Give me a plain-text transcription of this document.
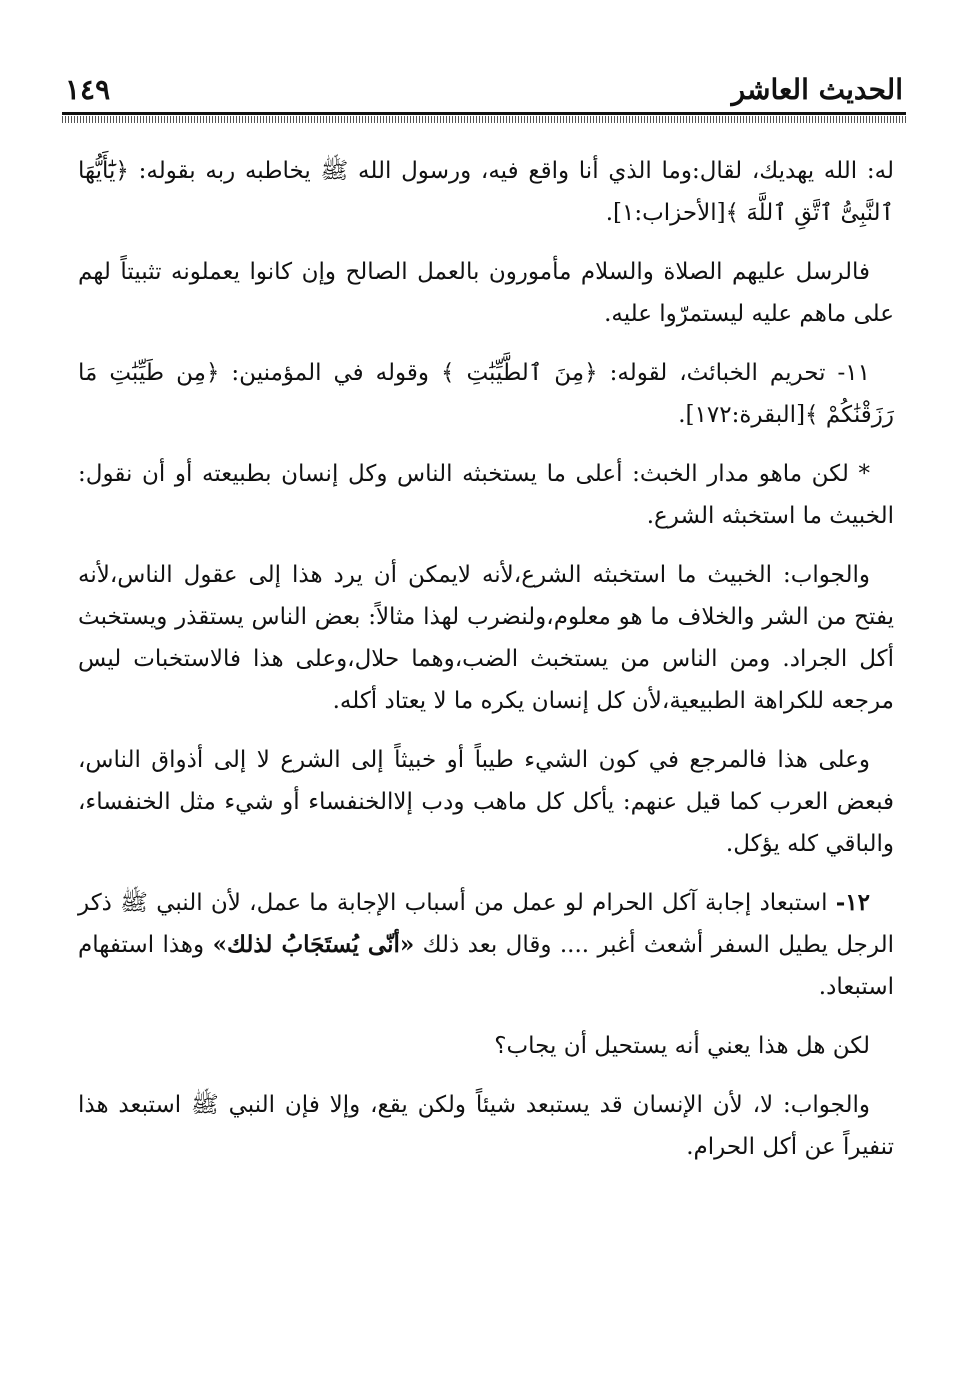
الحديث العاشر
١٤٩

له: الله يهديك، لقال:وما الذي أنا واقع فيه، ورسول الله ﷺ يخاطبه ربه بقوله: ﴿يَٰٓأَيُّهَا ٱلنَّبِىُّ ٱتَّقِ ٱللَّهَ ﴾[الأحزاب:١].

فالرسل عليهم الصلاة والسلام مأمورون بالعمل الصالح وإن كانوا يعملونه تثبيتاً لهم على ماهم عليه ليستمرّوا عليه.

١١- تحريم الخبائث، لقوله: ﴿مِنَ ٱلطَّيِّبَٰتِ ﴾ وقوله في المؤمنين: ﴿مِن طَيِّبَٰتِ مَا رَزَقْنَٰكُمْ ﴾[البقرة:١٧٢].

* لكن ماهو مدار الخبث: أعلى ما يستخبثه الناس وكل إنسان بطبيعته أو أن نقول: الخبيث ما استخبثه الشرع.

والجواب: الخبيث ما استخبثه الشرع،لأنه لايمكن أن يرد هذا إلى عقول الناس،لأنه يفتح من الشر والخلاف ما هو معلوم،ولنضرب لهذا مثالاً: بعض الناس يستقذر ويستخبث أكل الجراد. ومن الناس من يستخبث الضب،وهما حلال،وعلى هذا فالاستخبات ليس مرجعه للكراهة الطبيعية،لأن كل إنسان يكره ما لا يعتاد أكله.

وعلى هذا فالمرجع في كون الشيء طيباً أو خبيثاً إلى الشرع لا إلى أذواق الناس، فبعض العرب كما قيل عنهم: يأكل كل ماهب ودب إلاالخنفساء أو شيء مثل الخنفساء، والباقي كله يؤكل.

١٢- استبعاد إجابة آكل الحرام لو عمل من أسباب الإجابة ما عمل، لأن النبي ﷺ ذكر الرجل يطيل السفر أشعث أغبر .... وقال بعد ذلك «أنّى يُستَجَابُ لذلك» وهذا استفهام استبعاد.

لكن هل هذا يعني أنه يستحيل أن يجاب؟

والجواب: لا، لأن الإنسان قد يستبعد شيئاً ولكن يقع، وإلا فإن النبي ﷺ استبعد هذا تنفيراً عن أكل الحرام.
